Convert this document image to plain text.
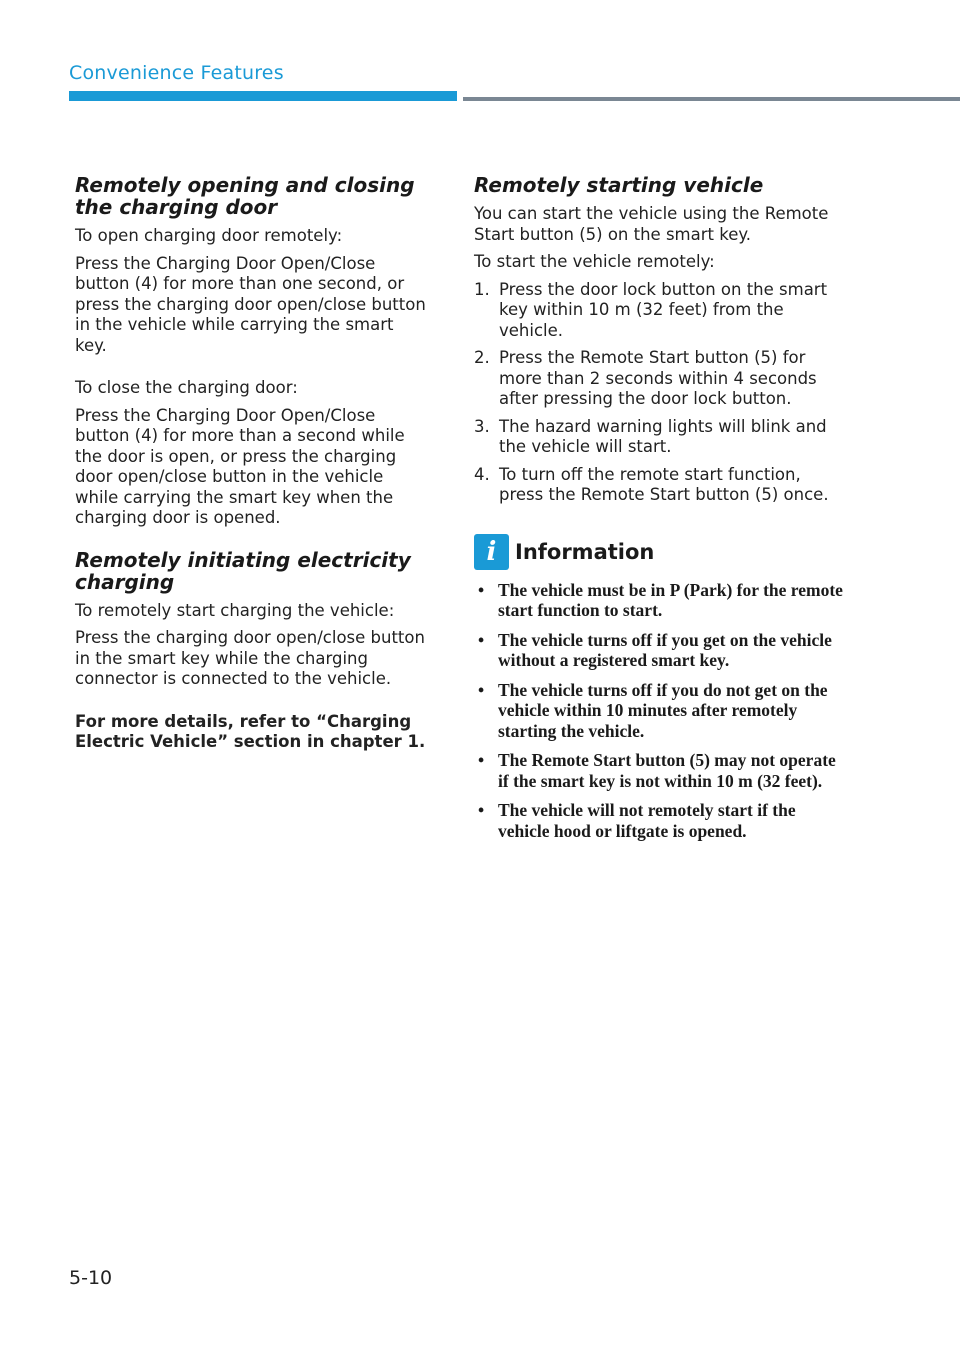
Convenience Features
Remotely opening and closing the charging door

To open charging door remotely:

Press the Charging Door Open/Close button (4) for more than one second, or press the charging door open/close button in the vehicle while carrying the smart key.

To close the charging door:

Press the Charging Door Open/Close button (4) for more than a second while the door is open, or press the charging door open/close button in the vehicle while carrying the smart key when the charging door is opened.

Remotely initiating electricity charging

To remotely start charging the vehicle:

Press the charging door open/close button in the smart key while the charging connector is connected to the vehicle.

For more details, refer to “Charging Electric Vehicle” section in chapter 1.

Remotely starting vehicle

You can start the vehicle using the Remote Start button (5) on the smart key.

To start the vehicle remotely:

1. Press the door lock button on the smart key within 10 m (32 feet) from the vehicle.
2. Press the Remote Start button (5) for more than 2 seconds within 4 seconds after pressing the door lock button.
3. The hazard warning lights will blink and the vehicle will start.
4. To turn off the remote start function, press the Remote Start button (5) once.
i Information
• The vehicle must be in P (Park) for the remote start function to start.
• The vehicle turns off if you get on the vehicle without a registered smart key.
• The vehicle turns off if you do not get on the vehicle within 10 minutes after remotely starting the vehicle.
• The Remote Start button (5) may not operate if the smart key is not within 10 m (32 feet).
• The vehicle will not remotely start if the vehicle hood or liftgate is opened.
5-10
